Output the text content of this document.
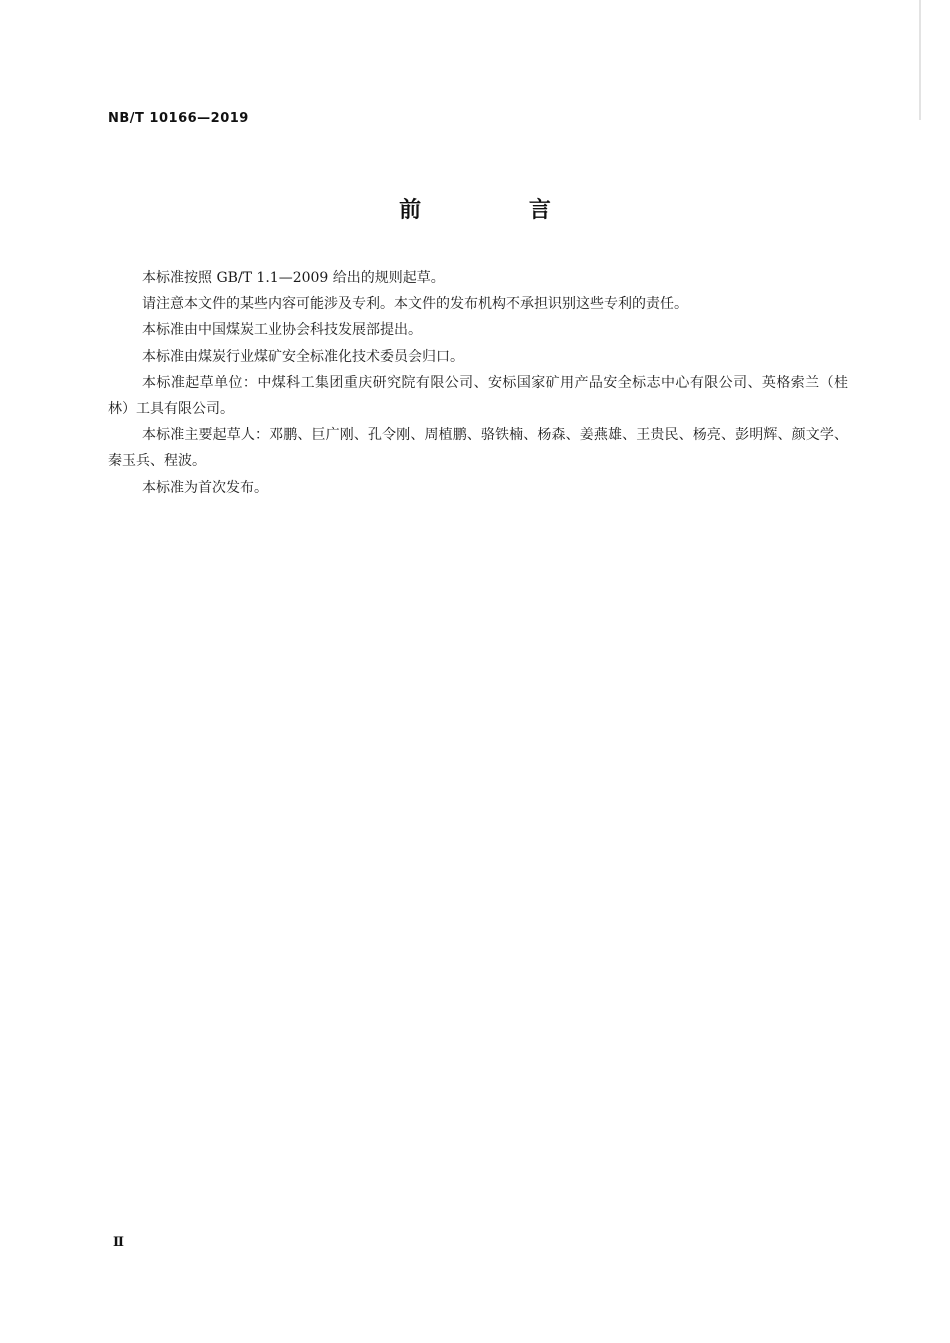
NB/T 10166—2019
前 言

本标准按照 GB/T 1.1—2009 给出的规则起草。

请注意本文件的某些内容可能涉及专利。本文件的发布机构不承担识别这些专利的责任。

本标准由中国煤炭工业协会科技发展部提出。

本标准由煤炭行业煤矿安全标准化技术委员会归口。

本标准起草单位：中煤科工集团重庆研究院有限公司、安标国家矿用产品安全标志中心有限公司、英格索兰（桂林）工具有限公司。

本标准主要起草人：邓鹏、巨广刚、孔令刚、周植鹏、骆铁楠、杨森、姜燕雄、王贵民、杨亮、彭明辉、颜文学、秦玉兵、程波。

本标准为首次发布。

Ⅱ
